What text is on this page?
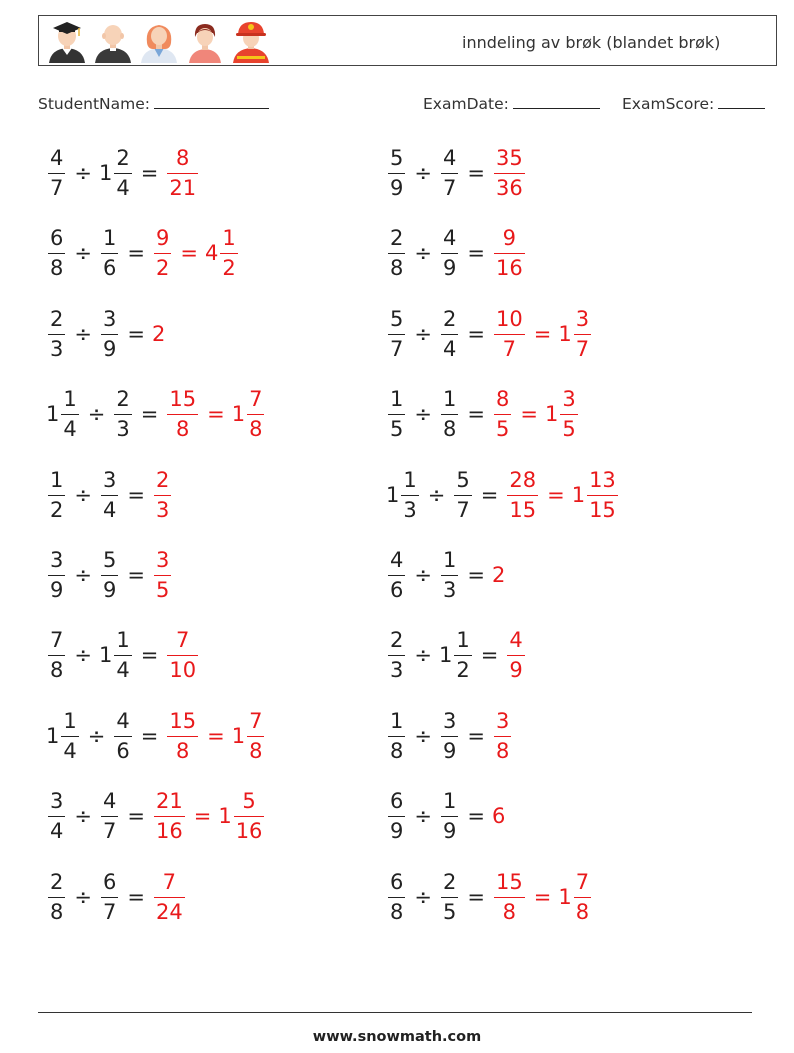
inndeling av brøk (blandet brøk)
StudentName:	ExamDate:	ExamScore:
$\frac{4}{7} \div 1 \frac{2}{4} = \frac{8}{21}$	$\frac{5}{9} \div \frac{4}{7} = \frac{35}{36}$
$\frac{6}{8} \div \frac{1}{6} = \frac{9}{2} = 4 \frac{1}{2}$	$\frac{2}{8} \div \frac{4}{9} = \frac{9}{16}$
$\frac{2}{3} \div \frac{3}{9} = 2$	$\frac{5}{7} \div \frac{2}{4} = \frac{10}{7} = 1 \frac{3}{7}$
$1 \frac{1}{4} \div \frac{2}{3} = \frac{15}{8} = 1 \frac{7}{8}$	$\frac{1}{5} \div \frac{1}{8} = \frac{8}{5} = 1 \frac{3}{5}$
$\frac{1}{2} \div \frac{3}{4} = \frac{2}{3}$	$1 \frac{1}{3} \div \frac{5}{7} = \frac{28}{15} = 1 \frac{13}{15}$
$\frac{3}{9} \div \frac{5}{9} = \frac{3}{5}$	$\frac{4}{6} \div \frac{1}{3} = 2$
$\frac{7}{8} \div 1 \frac{1}{4} = \frac{7}{10}$	$\frac{2}{3} \div 1 \frac{1}{2} = \frac{4}{9}$
$1 \frac{1}{4} \div \frac{4}{6} = \frac{15}{8} = 1 \frac{7}{8}$	$\frac{1}{8} \div \frac{3}{9} = \frac{3}{8}$
$\frac{3}{4} \div \frac{4}{7} = \frac{21}{16} = 1 \frac{5}{16}$	$\frac{6}{9} \div \frac{1}{9} = 6$
$\frac{2}{8} \div \frac{6}{7} = \frac{7}{24}$	$\frac{6}{8} \div \frac{2}{5} = \frac{15}{8} = 1 \frac{7}{8}$
www.snowmath.com
